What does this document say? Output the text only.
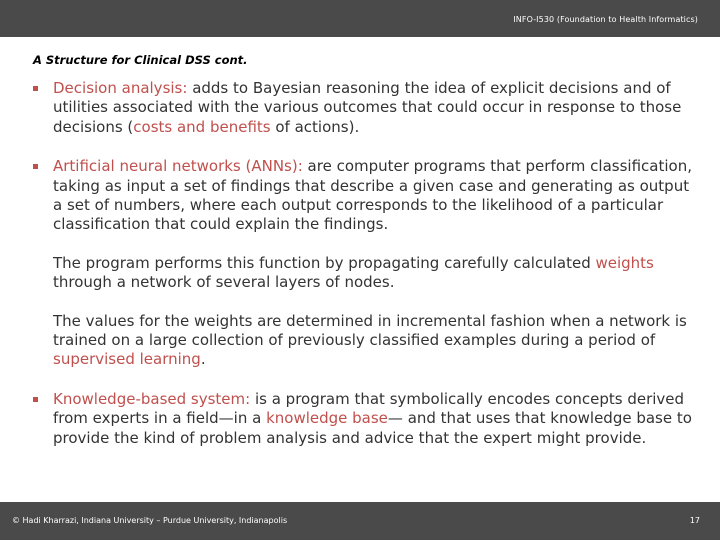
INFO-I530 (Foundation to Health Informatics)
A Structure for Clinical DSS cont.

Decision analysis: adds to Bayesian reasoning the idea of explicit decisions and of utilities associated with the various outcomes that could occur in response to those decisions (costs and benefits of actions).

Artificial neural networks (ANNs): are computer programs that perform classification, taking as input a set of findings that describe a given case and generating as output a set of numbers, where each output corresponds to the likelihood of a particular classification that could explain the findings.

The program performs this function by propagating carefully calculated weights through a network of several layers of nodes.

The values for the weights are determined in incremental fashion when a network is trained on a large collection of previously classified examples during a period of supervised learning.

Knowledge-based system: is a program that symbolically encodes concepts derived from experts in a field—in a knowledge base— and that uses that knowledge base to provide the kind of problem analysis and advice that the expert might provide.

© Hadi Kharrazi, Indiana University – Purdue University, Indianapolis	17
